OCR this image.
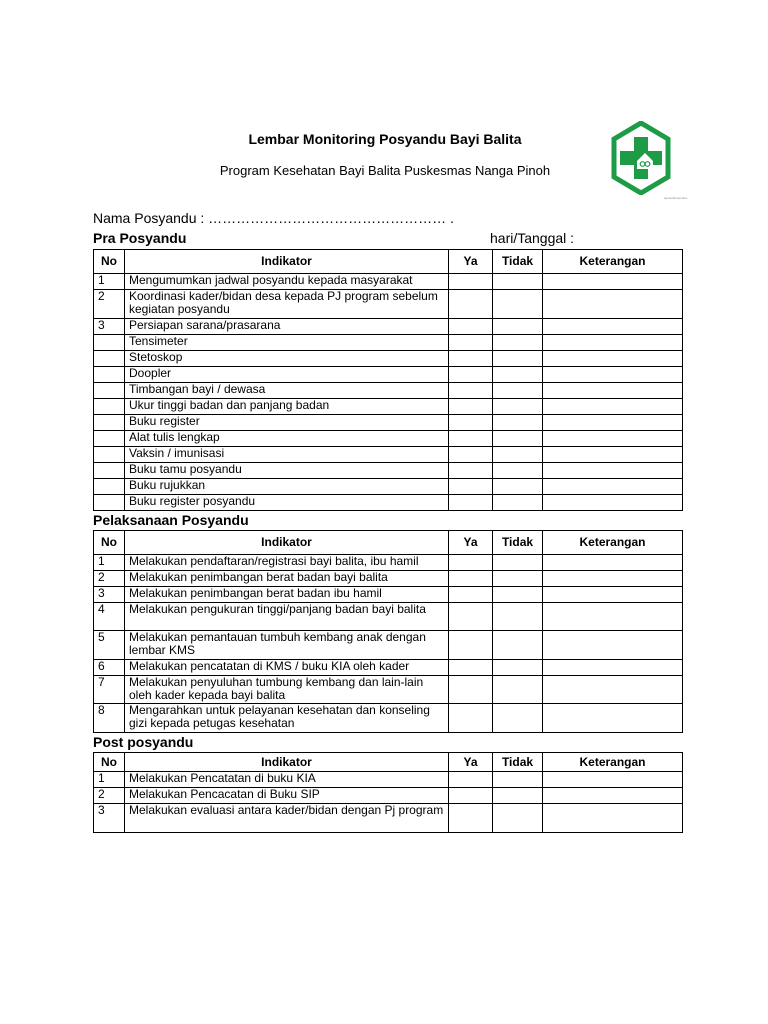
Lembar Monitoring Posyandu Bayi Balita
Program Kesehatan Bayi Balita Puskesmas Nanga Pinoh
ayosehat.kemkes
Nama Posyandu : …………………………………………… .
Pra Posyandu	hari/Tanggal :
No	Indikator	Ya	Tidak	Keterangan
1	Mengumumkan jadwal posyandu kepada masyarakat			
2	Koordinasi kader/bidan desa kepada PJ program sebelum kegiatan posyandu			
3	Persiapan sarana/prasarana			
	Tensimeter			
	Stetoskop			
	Doopler			
	Timbangan bayi / dewasa			
	Ukur tinggi badan dan panjang badan			
	Buku register			
	Alat tulis lengkap			
	Vaksin / imunisasi			
	Buku tamu posyandu			
	Buku rujukkan			
	Buku register posyandu			
Pelaksanaan Posyandu
No	Indikator	Ya	Tidak	Keterangan
1	Melakukan pendaftaran/registrasi bayi balita, ibu hamil			
2	Melakukan penimbangan berat badan bayi balita			
3	Melakukan penimbangan berat badan ibu hamil			
4	Melakukan pengukuran tinggi/panjang badan bayi balita			
5	Melakukan pemantauan tumbuh kembang anak dengan lembar KMS			
6	Melakukan pencatatan di KMS / buku KIA oleh kader			
7	Melakukan penyuluhan tumbung kembang dan lain-lain oleh kader kepada bayi balita			
8	Mengarahkan untuk pelayanan kesehatan dan konseling gizi kepada petugas kesehatan			
Post posyandu
No	Indikator	Ya	Tidak	Keterangan
1	Melakukan Pencatatan di buku KIA			
2	Melakukan Pencacatan di Buku SIP			
3	Melakukan evaluasi antara kader/bidan dengan Pj program			
